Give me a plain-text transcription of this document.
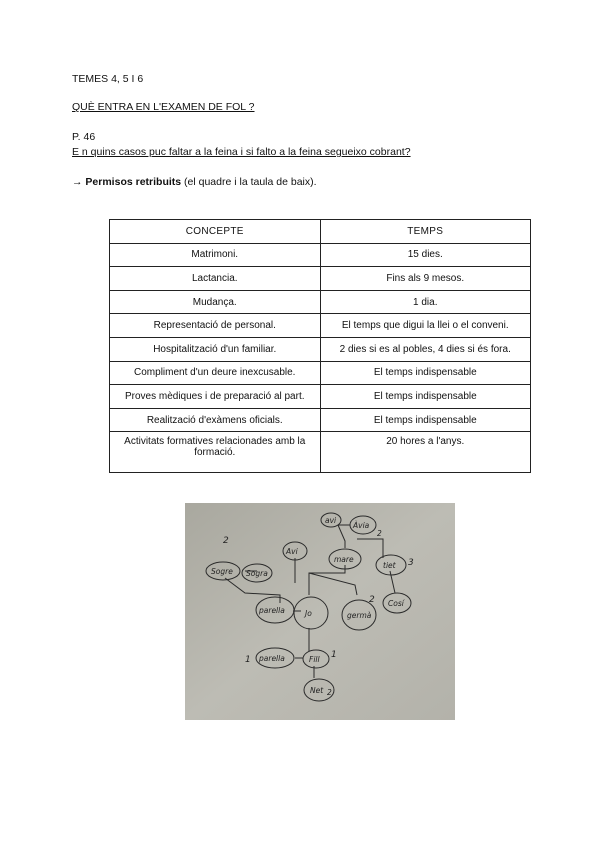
TEMES 4, 5 I 6
QUÈ ENTRA EN L'EXAMEN DE FOL ?
P. 46
E n quins casos puc faltar a la feina i si falto a la feina segueixo cobrant?
→ Permisos retribuits (el quadre i la taula de baix).
CONCEPTE	TEMPS
Matrimoni.	15 dies.
Lactancia.	Fins als 9 mesos.
Mudança.	1 dia.
Representació de personal.	El temps que digui la llei o el conveni.
Hospitalització d'un familiar.	2 dies si es al pobles, 4 dies si és fora.
Compliment d'un deure inexcusable.	El temps indispensable
Proves mèdiques i de preparació al part.	El temps indispensable
Realització d'exàmens oficials.	El temps indispensable
Activitats formatives relacionades amb la formació.	20 hores a l'anys.
avi
Àvia
2
2
Sogre Sogra
Avi
mare
tiet 3
Cosí
parella	Jo	germà
2
1 parella	Fill 1
Net 2
